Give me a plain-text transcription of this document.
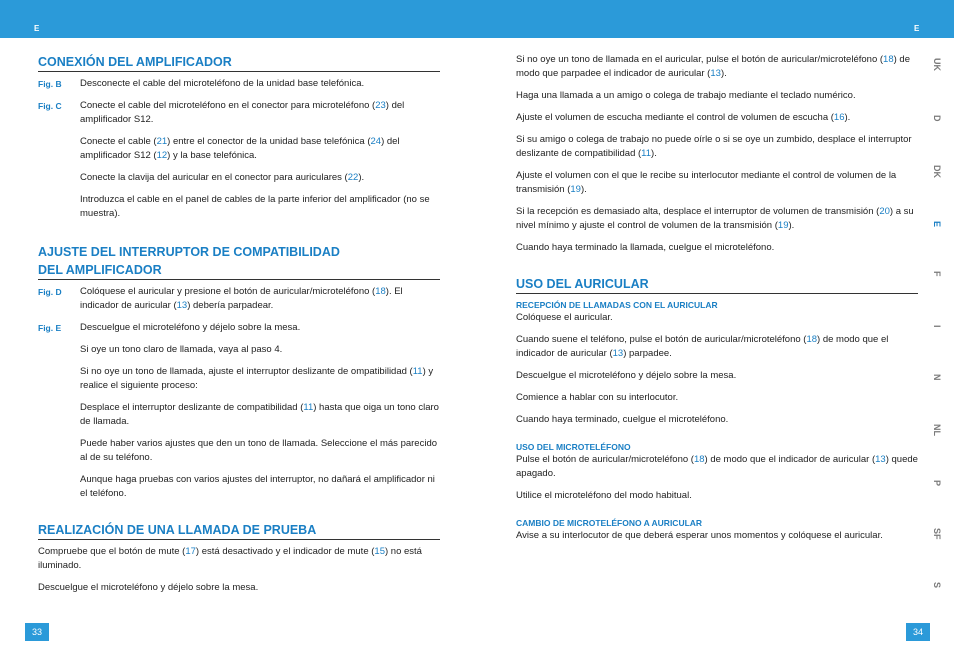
E	E
CONEXIÓN DEL AMPLIFICADOR
Fig. B	Desconecte el cable del microteléfono de la unidad base telefónica.
Fig. C	Conecte el cable del microteléfono en el conector para microteléfono (23) del amplificador S12.
Conecte el cable (21) entre el conector de la unidad base telefónica (24) del amplificador S12 (12) y la base telefónica.
Conecte la clavija del auricular en el conector para auriculares (22).
Introduzca el cable en el panel de cables de la parte inferior del amplificador (no se muestra).
AJUSTE DEL INTERRUPTOR DE COMPATIBILIDAD
DEL AMPLIFICADOR
Fig. D	Colóquese el auricular y presione el botón de auricular/microteléfono (18). El indicador de auricular (13) debería parpadear.
Fig. E	Descuelgue el microteléfono y déjelo sobre la mesa.
Si oye un tono claro de llamada, vaya al paso 4.
Si no oye un tono de llamada, ajuste el interruptor deslizante de ompatibilidad (11) y realice el siguiente proceso:
Desplace el interruptor deslizante de compatibilidad (11) hasta que oiga un tono claro de llamada.
Puede haber varios ajustes que den un tono de llamada. Seleccione el más parecido al de su teléfono.
Aunque haga pruebas con varios ajustes del interruptor, no dañará el amplificador ni el teléfono.
REALIZACIÓN DE UNA LLAMADA DE PRUEBA
Compruebe que el botón de mute (17) está desactivado y el indicador de mute (15) no está iluminado.
Descuelgue el microteléfono y déjelo sobre la mesa.
Si no oye un tono de llamada en el auricular, pulse el botón de auricular/microteléfono (18) de modo que parpadee el indicador de auricular (13).
Haga una llamada a un amigo o colega de trabajo mediante el teclado numérico.
Ajuste el volumen de escucha mediante el control de volumen de escucha (16).
Si su amigo o colega de trabajo no puede oírle o si se oye un zumbido, desplace el interruptor deslizante de compatibilidad (11).
Ajuste el volumen con el que le recibe su interlocutor mediante el control de volumen de la transmisión (19).
Si la recepción es demasiado alta, desplace el interruptor de volumen de transmisión (20) a su nivel mínimo y ajuste el control de volumen de la transmisión (19).
Cuando haya terminado la llamada, cuelgue el microteléfono.
USO DEL AURICULAR
RECEPCIÓN DE LLAMADAS CON EL AURICULAR
Colóquese el auricular.
Cuando suene el teléfono, pulse el botón de auricular/microteléfono (18) de modo que el indicador de auricular (13) parpadee.
Descuelgue el microteléfono y déjelo sobre la mesa.
Comience a hablar con su interlocutor.
Cuando haya terminado, cuelgue el microteléfono.
USO DEL MICROTELÉFONO
Pulse el botón de auricular/microteléfono (18) de modo que el indicador de auricular (13) quede apagado.
Utilice el microteléfono del modo habitual.
CAMBIO DE MICROTELÉFONO A AURICULAR
Avise a su interlocutor de que deberá esperar unos momentos y colóquese el auricular.
UK
D
DK
E
F
I
N
NL
P
SF
S
33	34
